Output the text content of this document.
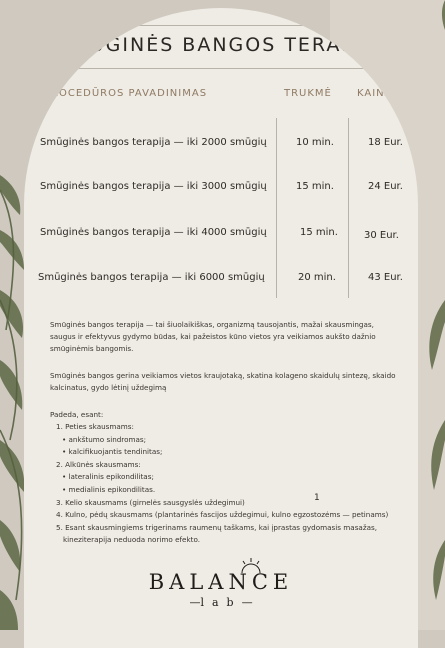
SMŪGINĖS BANGOS TERAPIJA
PROCEDŪROS PAVADINIMAS	TRUKMĖ	KAINA
Smūginės bangos terapija — iki 2000 smūgių	10 min.	18 Eur.
Smūginės bangos terapija — iki 3000 smūgių	15 min.	24 Eur.
Smūginės bangos terapija — iki 4000 smūgių	15 min.	30 Eur.
Smūginės bangos terapija — iki 6000 smūgių	20 min.	43 Eur.
Smūginės bangos terapija — tai šiuolaikiškas, organizmą tausojantis, mažai skausmingas, saugus ir efektyvus gydymo būdas, kai pažeistos kūno vietos yra veikiamos aukšto dažnio smūginėmis bangomis.
Smūginės bangos gerina veikiamos vietos kraujotaką, skatina kolageno skaidulų sintezę, skaido kalcinatus, gydo lėtinį uždegimą
Padeda, esant:
1. Peties skausmams:
• ankštumo sindromas;
• kalcifikuojantis tendinitas;
2. Alkūnės skausmams:
• lateralinis epikondilitas;
• medialinis epikondilitas.
3. Kelio skausmams (girnelės sausgyslės uždegimui)
4. Kulno, pėdų skausmams (plantarinės fascijos uždegimui, kulno egzostozėms — petinams)
5. Esant skausmingiems trigerinams raumenų taškams, kai įprastas gydomasis masažas,
kineziterapija neduoda norimo efekto.
1
BALANCE
—lab—
